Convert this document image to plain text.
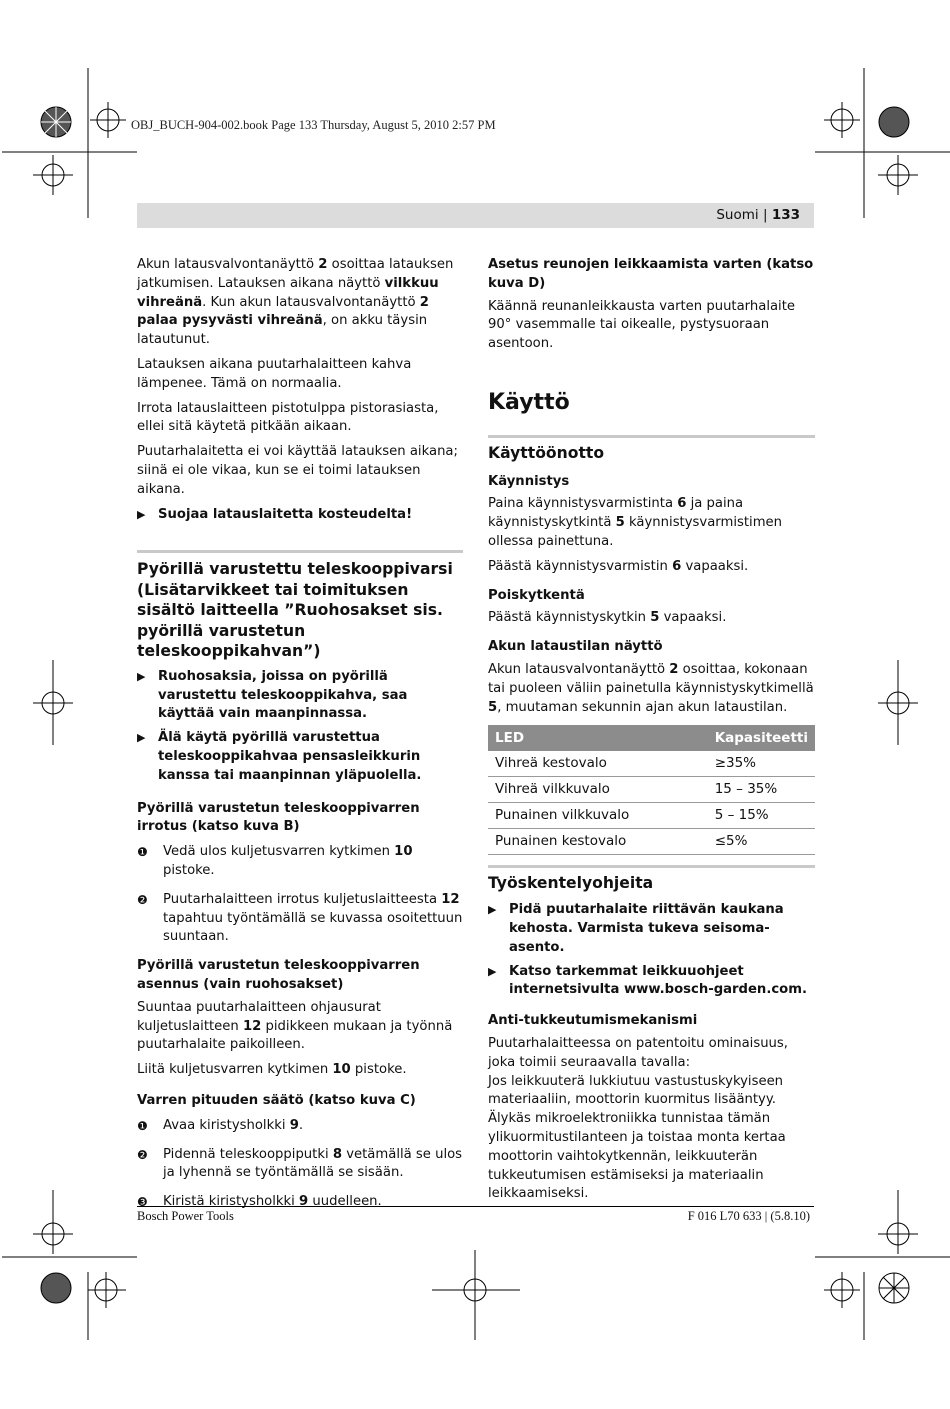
OBJ_BUCH-904-002.book Page 133 Thursday, August 5, 2010 2:57 PM
Suomi | 133

Akun latausvalvontanäyttö 2 osoittaa latauksen jatkumisen. Latauksen aikana näyttö vilkkuu vihreänä. Kun akun latausvalvontanäyttö 2 palaa pysyvästi vihreänä, on akku täysin latautunut.

Latauksen aikana puutarhalaitteen kahva lämpenee. Tämä on normaalia.

Irrota latauslaitteen pistotulppa pistorasiasta, ellei sitä käytetä pitkään aikaan.

Puutarhalaitetta ei voi käyttää latauksen aikana; siinä ei ole vikaa, kun se ei toimi latauksen aikana.

▶ Suojaa latauslaitetta kosteudelta!
Pyörillä varustettu teleskooppivarsi (Lisätarvikkeet tai toimituksen sisältö laitteella ”Ruohosakset sis. pyörillä varustetun teleskooppikahvan”)
▶ Ruohosaksia, joissa on pyörillä varustettu teleskooppikahva, saa käyttää vain maanpinnassa.
▶ Älä käytä pyörillä varustettua teleskooppikahvaa pensasleikkurin kanssa tai maanpinnan yläpuolella.
Pyörillä varustetun teleskooppivarren irrotus (katso kuva B)
❶	Vedä ulos kuljetusvarren kytkimen 10 pistoke.
❷	Puutarhalaitteen irrotus kuljetuslaitteesta 12 tapahtuu työntämällä se kuvassa osoitettuun suuntaan.
Pyörillä varustetun teleskooppivarren asennus (vain ruohosakset)

Suuntaa puutarhalaitteen ohjausurat kuljetuslaitteen 12 pidikkeen mukaan ja työnnä puutarhalaite paikoilleen.

Liitä kuljetusvarren kytkimen 10 pistoke.

Varren pituuden säätö (katso kuva C)
❶	Avaa kiristysholkki 9.
❷	Pidennä teleskooppiputki 8 vetämällä se ulos ja lyhennä se työntämällä se sisään.
❸	Kiristä kiristysholkki 9 uudelleen.
Asetus reunojen leikkaamista varten (katso kuva D)

Käännä reunanleikkausta varten puutarhalaite 90° vasemmalle tai oikealle, pystysuoraan asentoon.

Käyttö
Käyttöönotto
Käynnistys

Paina käynnistysvarmistinta 6 ja paina käynnistyskytkintä 5 käynnistysvarmistimen ollessa painettuna.

Päästä käynnistysvarmistin 6 vapaaksi.

Poiskytkentä

Päästä käynnistyskytkin 5 vapaaksi.

Akun lataustilan näyttö

Akun latausvalvontanäyttö 2 osoittaa, kokonaan tai puoleen väliin painetulla käynnistyskytkimellä 5, muutaman sekunnin ajan akun lataustilan.

LED	Kapasiteetti
Vihreä kestovalo	≥35%
Vihreä vilkkuvalo	15 – 35%
Punainen vilkkuvalo	5 – 15%
Punainen kestovalo	≤5%
Työskentelyohjeita
▶ Pidä puutarhalaite riittävän kaukana kehosta. Varmista tukeva seisoma-asento.
▶ Katso tarkemmat leikkuuohjeet internetsivulta www.bosch-garden.com.
Anti-tukkeutumismekanismi
Puutarhalaitteessa on patentoitu ominaisuus, joka toimii seuraavalla tavalla:
Jos leikkuuterä lukkiutuu vastustuskykyiseen materiaaliin, moottorin kuormitus lisääntyy. Älykäs mikroelektroniikka tunnistaa tämän ylikuormitustilanteen ja toistaa monta kertaa moottorin vaihtokytkennän, leikkuuterän tukkeutumisen estämiseksi ja materiaalin leikkaamiseksi.
Bosch Power Tools	F 016 L70 633 | (5.8.10)
